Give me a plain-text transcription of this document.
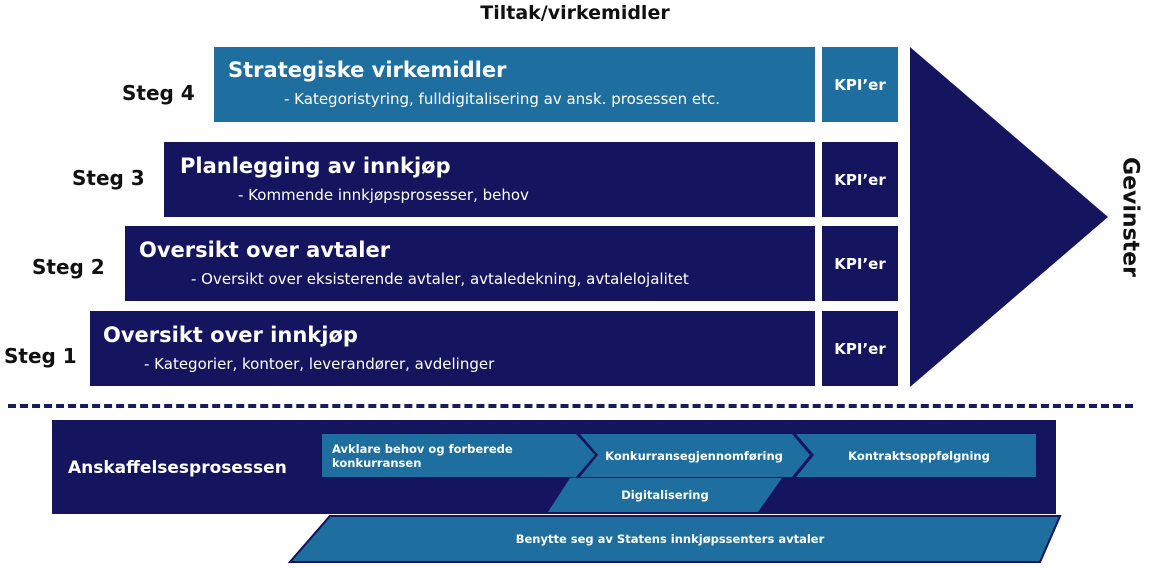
Tiltak/virkemidler
Steg 4
Strategiske virkemidler
- Kategoristyring, fulldigitalisering av ansk. prosessen etc.
KPI’er
Steg 3 Planlegging av innkjøp
- Kommende innkjøpsprosesser, behov
KPI’er
Steg 2
Oversikt over avtaler
- Oversikt over eksisterende avtaler, avtaledekning, avtalelojalitet
KPI’er
Steg 1
Oversikt over innkjøp
- Kategorier, kontoer, leverandører, avdelinger
KPI’er
Gevinster
Anskaffelsesprosessen
Avklare behov og forberede konkurransen	Konkurransegjennomføring	Kontraktsoppfølgning
Digitalisering
Benytte seg av Statens innkjøpssenters avtaler
